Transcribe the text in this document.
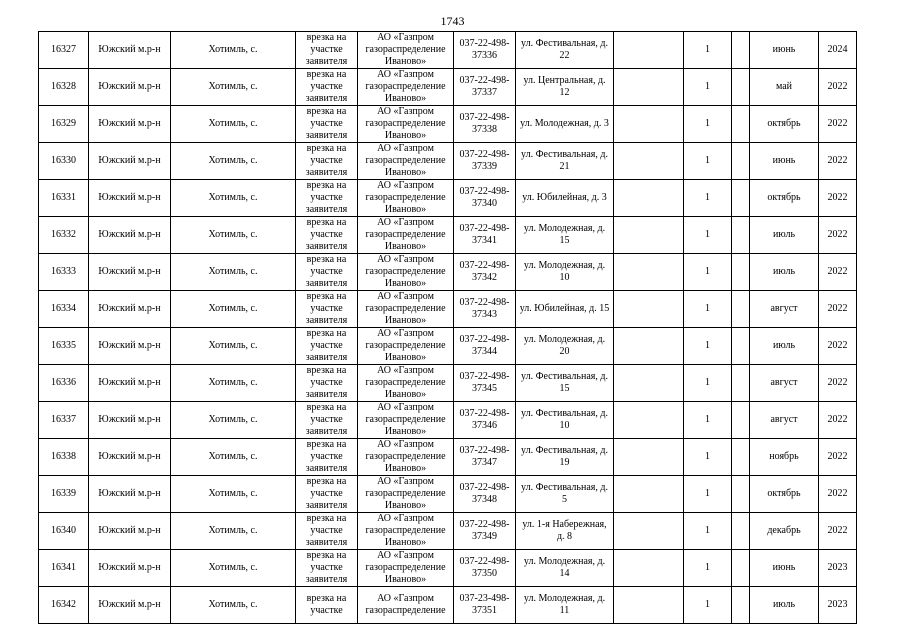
1743
16327	Южский м.р-н	Хотимль, с.	врезка на участке заявителя	АО «Газпром газораспределение Иваново»	037-22-498-37336	ул. Фестивальная, д. 22		1		июнь	2024
16328	Южский м.р-н	Хотимль, с.	врезка на участке заявителя	АО «Газпром газораспределение Иваново»	037-22-498-37337	ул. Центральная, д. 12		1		май	2022
16329	Южский м.р-н	Хотимль, с.	врезка на участке заявителя	АО «Газпром газораспределение Иваново»	037-22-498-37338	ул. Молодежная, д. 3		1		октябрь	2022
16330	Южский м.р-н	Хотимль, с.	врезка на участке заявителя	АО «Газпром газораспределение Иваново»	037-22-498-37339	ул. Фестивальная, д. 21		1		июнь	2022
16331	Южский м.р-н	Хотимль, с.	врезка на участке заявителя	АО «Газпром газораспределение Иваново»	037-22-498-37340	ул. Юбилейная, д. 3		1		октябрь	2022
16332	Южский м.р-н	Хотимль, с.	врезка на участке заявителя	АО «Газпром газораспределение Иваново»	037-22-498-37341	ул. Молодежная, д. 15		1		июль	2022
16333	Южский м.р-н	Хотимль, с.	врезка на участке заявителя	АО «Газпром газораспределение Иваново»	037-22-498-37342	ул. Молодежная, д. 10		1		июль	2022
16334	Южский м.р-н	Хотимль, с.	врезка на участке заявителя	АО «Газпром газораспределение Иваново»	037-22-498-37343	ул. Юбилейная, д. 15		1		август	2022
16335	Южский м.р-н	Хотимль, с.	врезка на участке заявителя	АО «Газпром газораспределение Иваново»	037-22-498-37344	ул. Молодежная, д. 20		1		июль	2022
16336	Южский м.р-н	Хотимль, с.	врезка на участке заявителя	АО «Газпром газораспределение Иваново»	037-22-498-37345	ул. Фестивальная, д. 15		1		август	2022
16337	Южский м.р-н	Хотимль, с.	врезка на участке заявителя	АО «Газпром газораспределение Иваново»	037-22-498-37346	ул. Фестивальная, д. 10		1		август	2022
16338	Южский м.р-н	Хотимль, с.	врезка на участке заявителя	АО «Газпром газораспределение Иваново»	037-22-498-37347	ул. Фестивальная, д. 19		1		ноябрь	2022
16339	Южский м.р-н	Хотимль, с.	врезка на участке заявителя	АО «Газпром газораспределение Иваново»	037-22-498-37348	ул. Фестивальная, д. 5		1		октябрь	2022
16340	Южский м.р-н	Хотимль, с.	врезка на участке заявителя	АО «Газпром газораспределение Иваново»	037-22-498-37349	ул. 1-я Набережная, д. 8		1		декабрь	2022
16341	Южский м.р-н	Хотимль, с.	врезка на участке заявителя	АО «Газпром газораспределение Иваново»	037-22-498-37350	ул. Молодежная, д. 14		1		июнь	2023
16342	Южский м.р-н	Хотимль, с.	врезка на участке	АО «Газпром газораспределение	037-23-498-37351	ул. Молодежная, д. 11		1		июль	2023
